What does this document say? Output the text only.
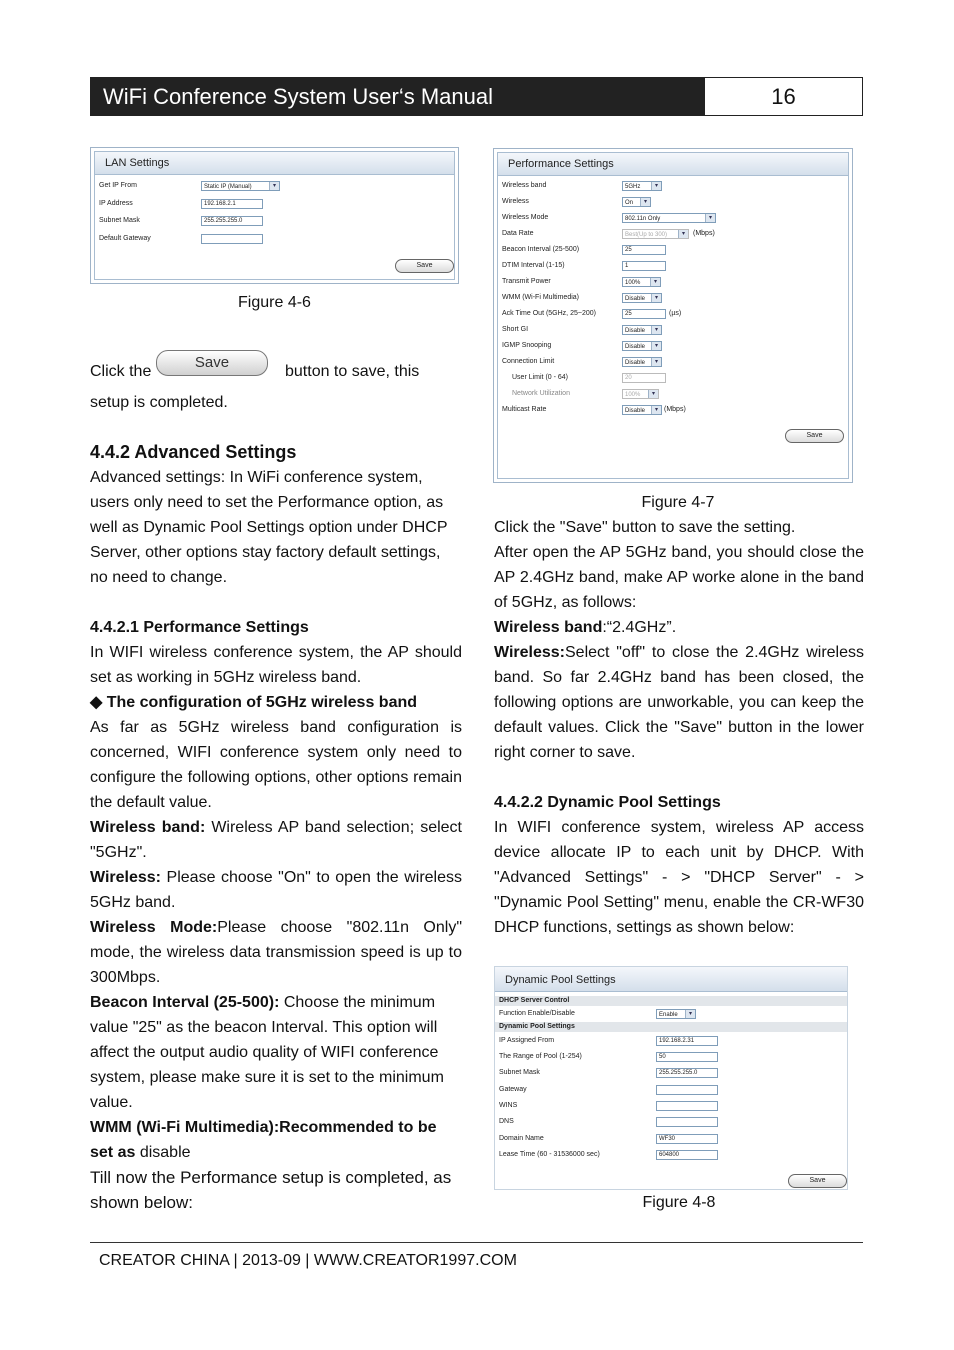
WiFi Conference System User‘s Manual	16
LAN Settings
Get IP From	Static IP (Manual)	▾
IP Address	192.168.2.1
Subnet Mask	255.255.255.0
Default Gateway
Save
Figure 4-6
Click the
Save
button to save, this
setup is completed.
4.4.2 Advanced Settings
Advanced settings: In WiFi conference system, users only need to set the Performance option, as well as Dynamic Pool Settings option under DHCP Server, other options stay factory default settings, no need to change.
4.4.2.1 Performance Settings
In WIFI wireless conference system, the AP should set as working in 5GHz wireless band.
◆ The configuration of 5GHz wireless band
As far as 5GHz wireless band configuration is concerned, WIFI conference system only need to configure the following options, other options remain the default value.
Wireless band: Wireless AP band selection; select "5GHz".
Wireless: Please choose "On" to open the wireless 5GHz band.
Wireless Mode:Please choose "802.11n Only" mode, the wireless data transmission speed is up to 300Mbps.
Beacon Interval (25-500): Choose the minimum value "25" as the beacon Interval. This option will affect the output audio quality of WIFI conference system, please make sure it is set to the minimum value.
WMM (Wi-Fi Multimedia):Recommended to be set as disable
Till now the Performance setup is completed, as shown below:
Performance Settings
Wireless band	5GHz	▾
Wireless	On	▾
Wireless Mode	802.11n Only	▾
Data Rate	Best(Up to 300)	▾	(Mbps)
Beacon Interval (25-500)	25
DTIM Interval (1-15)	1
Transmit Power	100%	▾
WMM (Wi-Fi Multimedia)	Disable	▾
Ack Time Out (5GHz, 25~200)	25	(µs)
Short GI	Disable	▾
IGMP Snooping	Disable	▾
Connection Limit	Disable	▾
User Limit (0 - 64)	20
Network Utilization	100%	▾
Multicast Rate	Disable	▾ (Mbps)
Save
Figure 4-7
Click the "Save" button to save the setting.
After open the AP 5GHz band, you should close the AP 2.4GHz band, make AP worke alone in the band of 5GHz, as follows:
Wireless band:“2.4GHz”.
Wireless:Select "off" to close the 2.4GHz wireless band. So far 2.4GHz band has been closed, the following options are unworkable, you can keep the default values. Click the "Save" button in the lower right corner to save.
4.4.2.2 Dynamic Pool Settings
In WIFI conference system, wireless AP access device allocate IP to each unit by DHCP. With "Advanced Settings" - > "DHCP Server" - > "Dynamic Pool Setting" menu, enable the CR-WF30 DHCP functions, settings as shown below:
Dynamic Pool Settings
DHCP Server Control
Function Enable/Disable	Enable	▾
Dynamic Pool Settings
IP Assigned From	192.168.2.31
The Range of Pool (1-254)	50
Subnet Mask	255.255.255.0
Gateway
WINS
DNS
Domain Name	WF30
Lease Time (60 - 31536000 sec)	604800
Save
Figure 4-8
CREATOR CHINA | 2013-09 | WWW.CREATOR1997.COM
